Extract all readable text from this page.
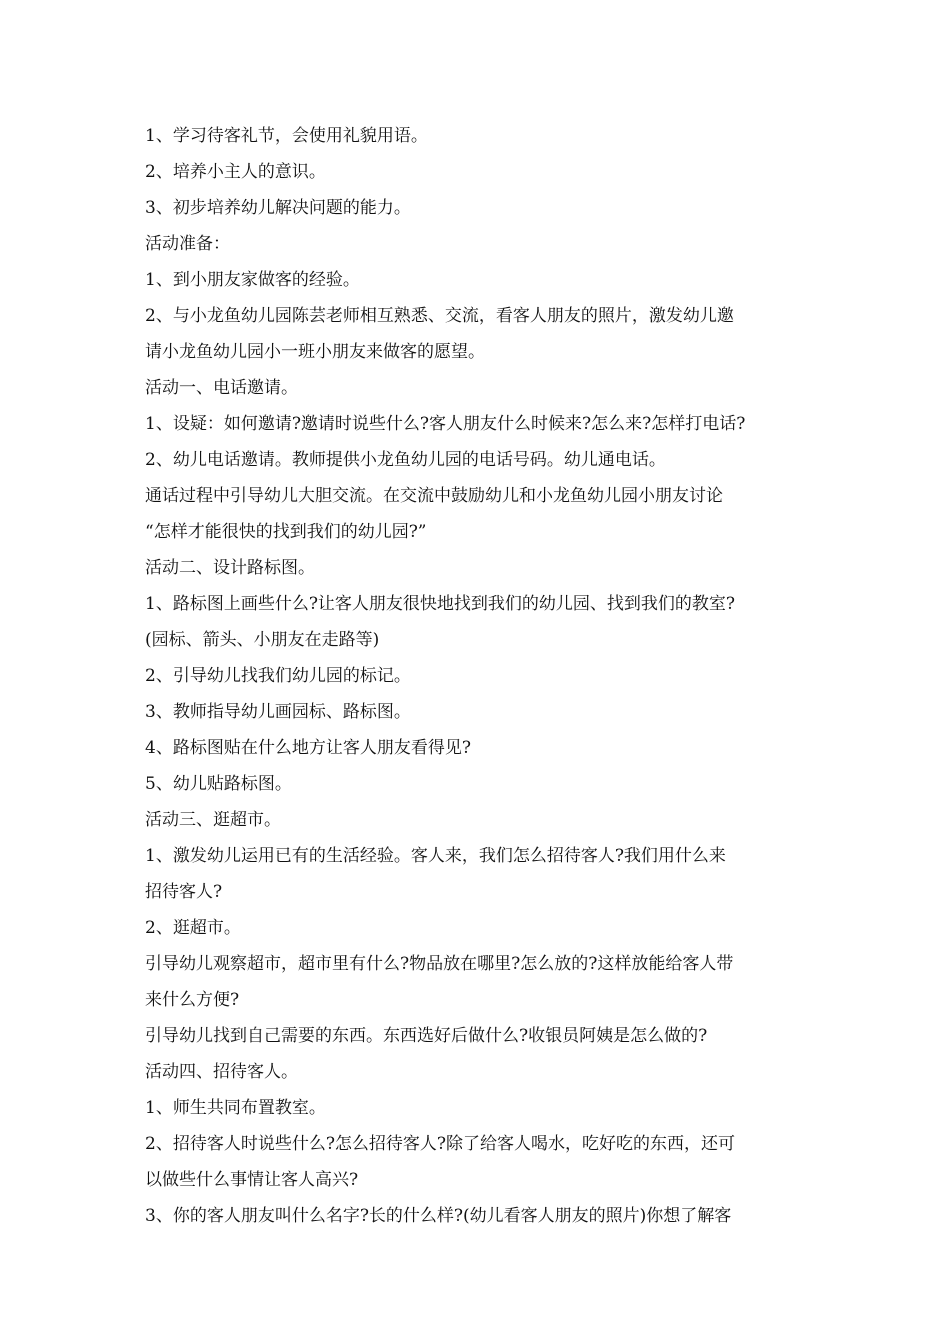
1、学习待客礼节，会使用礼貌用语。
2、培养小主人的意识。
3、初步培养幼儿解决问题的能力。
活动准备：
1、到小朋友家做客的经验。
2、与小龙鱼幼儿园陈芸老师相互熟悉、交流，看客人朋友的照片，激发幼儿邀
请小龙鱼幼儿园小一班小朋友来做客的愿望。
活动一、电话邀请。
1、设疑：如何邀请?邀请时说些什么?客人朋友什么时候来?怎么来?怎样打电话?
2、幼儿电话邀请。教师提供小龙鱼幼儿园的电话号码。幼儿通电话。
通话过程中引导幼儿大胆交流。在交流中鼓励幼儿和小龙鱼幼儿园小朋友讨论
“怎样才能很快的找到我们的幼儿园?”
活动二、设计路标图。
1、路标图上画些什么?让客人朋友很快地找到我们的幼儿园、找到我们的教室?
(园标、箭头、小朋友在走路等)
2、引导幼儿找我们幼儿园的标记。
3、教师指导幼儿画园标、路标图。
4、路标图贴在什么地方让客人朋友看得见?
5、幼儿贴路标图。
活动三、逛超市。
1、激发幼儿运用已有的生活经验。客人来，我们怎么招待客人?我们用什么来
招待客人?
2、逛超市。
引导幼儿观察超市，超市里有什么?物品放在哪里?怎么放的?这样放能给客人带
来什么方便?
引导幼儿找到自己需要的东西。东西选好后做什么?收银员阿姨是怎么做的?
活动四、招待客人。
1、师生共同布置教室。
2、招待客人时说些什么?怎么招待客人?除了给客人喝水，吃好吃的东西，还可
以做些什么事情让客人高兴?
3、你的客人朋友叫什么名字?长的什么样?(幼儿看客人朋友的照片)你想了解客
